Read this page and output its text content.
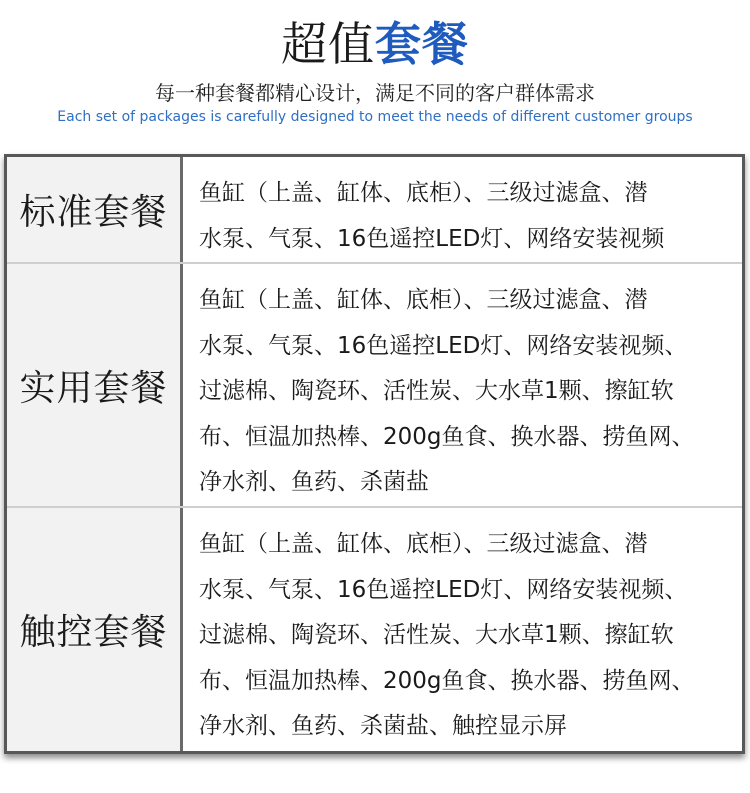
超值套餐
每一种套餐都精心设计，满足不同的客户群体需求
Each set of packages is carefully designed to meet the needs of different customer groups
标准套餐 鱼缸（上盖、缸体、底柜）、三级过滤盒、潜
水泵、气泵、16色遥控LED灯、网络安装视频
实用套餐
鱼缸（上盖、缸体、底柜）、三级过滤盒、潜
水泵、气泵、16色遥控LED灯、网络安装视频、
过滤棉、陶瓷环、活性炭、大水草1颗、擦缸软
布、恒温加热棒、200g鱼食、换水器、捞鱼网、
净水剂、鱼药、杀菌盐
触控套餐
鱼缸（上盖、缸体、底柜）、三级过滤盒、潜
水泵、气泵、16色遥控LED灯、网络安装视频、
过滤棉、陶瓷环、活性炭、大水草1颗、擦缸软
布、恒温加热棒、200g鱼食、换水器、捞鱼网、
净水剂、鱼药、杀菌盐、触控显示屏
